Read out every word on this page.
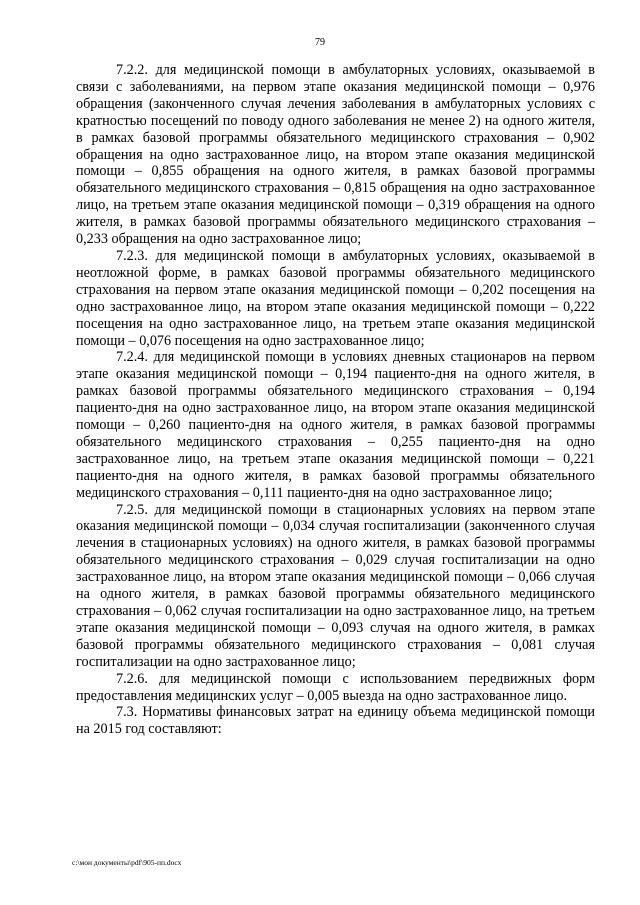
79

7.2.2. для медицинской помощи в амбулаторных условиях, оказываемой в связи с заболеваниями, на первом этапе оказания медицинской помощи – 0,976 обращения (законченного случая лечения заболевания в амбулаторных условиях с кратностью посещений по поводу одного заболевания не менее 2) на одного жителя, в рамках базовой программы обязательного медицинского страхования – 0,902 обращения на одно застрахованное лицо, на втором этапе оказания медицинской помощи – 0,855 обращения на одного жителя, в рамках базовой программы обязательного медицинского страхования – 0,815 обращения на одно застрахованное лицо, на третьем этапе оказания медицинской помощи – 0,319 обращения на одного жителя, в рамках базовой программы обязательного медицинского страхования – 0,233 обращения на одно застрахованное лицо;

7.2.3. для медицинской помощи в амбулаторных условиях, оказываемой в неотложной форме, в рамках базовой программы обязательного медицинского страхования на первом этапе оказания медицинской помощи – 0,202 посещения на одно застрахованное лицо, на втором этапе оказания медицинской помощи – 0,222 посещения на одно застрахованное лицо, на третьем этапе оказания медицинской помощи – 0,076 посещения на одно застрахованное лицо;

7.2.4. для медицинской помощи в условиях дневных стационаров на первом этапе оказания медицинской помощи – 0,194 пациенто-дня на одного жителя, в рамках базовой программы обязательного медицинского страхования – 0,194 пациенто-дня на одно застрахованное лицо, на втором этапе оказания медицинской помощи – 0,260 пациенто-дня на одного жителя, в рамках базовой программы обязательного медицинского страхования – 0,255 пациенто-дня на одно застрахованное лицо, на третьем этапе оказания медицинской помощи – 0,221 пациенто-дня на одного жителя, в рамках базовой программы обязательного медицинского страхования – 0,111 пациенто-дня на одно застрахованное лицо;

7.2.5. для медицинской помощи в стационарных условиях на первом этапе оказания медицинской помощи – 0,034 случая госпитализации (законченного случая лечения в стационарных условиях) на одного жителя, в рамках базовой программы обязательного медицинского страхования – 0,029 случая госпитализации на одно застрахованное лицо, на втором этапе оказания медицинской помощи – 0,066 случая на одного жителя, в рамках базовой программы обязательного медицинского страхования – 0,062 случая госпитализации на одно застрахованное лицо, на третьем этапе оказания медицинской помощи – 0,093 случая на одного жителя, в рамках базовой программы обязательного медицинского страхования – 0,081 случая госпитализации на одно застрахованное лицо;

7.2.6. для медицинской помощи с использованием передвижных форм предоставления медицинских услуг – 0,005 выезда на одно застрахованное лицо.

7.3. Нормативы финансовых затрат на единицу объема медицинской помощи на 2015 год составляют:

c:\мои документы\pdf\905-пп.docx
